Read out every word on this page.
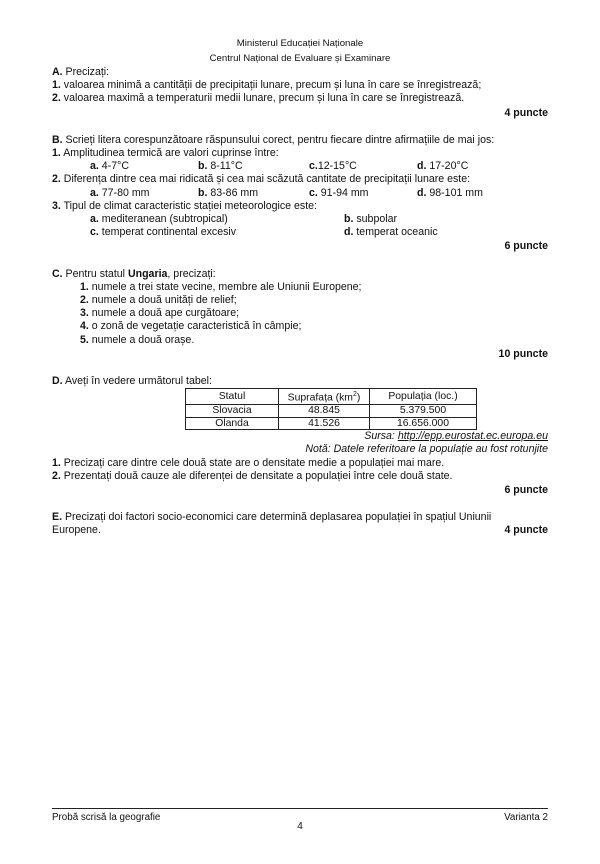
Ministerul Educației Naționale
Centrul Național de Evaluare și Examinare
A. Precizați:
1. valoarea minimă a cantității de precipitații lunare, precum și luna în care se înregistrează;
2. valoarea maximă a temperaturii medii lunare, precum și luna în care se înregistrează.
4 puncte
B. Scrieți litera corespunzătoare răspunsului corect, pentru fiecare dintre afirmațiile de mai jos:
1. Amplitudinea termică are valori cuprinse între:
a. 4-7°C	b. 8-11°C	c.12-15°C	d. 17-20°C
2. Diferența dintre cea mai ridicată și cea mai scăzută cantitate de precipitații lunare este:
a. 77-80 mm	b. 83-86 mm	c. 91-94 mm	d. 98-101 mm
3. Tipul de climat caracteristic stației meteorologice este:
a. mediteranean (subtropical)	b. subpolar
c. temperat continental excesiv	d. temperat oceanic
6 puncte
C. Pentru statul Ungaria, precizați:
1. numele a trei state vecine, membre ale Uniunii Europene;
2. numele a două unități de relief;
3. numele a două ape curgătoare;
4. o zonă de vegetație caracteristică în câmpie;
5. numele a două orașe.
10 puncte
D. Aveți în vedere următorul tabel:
Statul	Suprafața $(km^2)$	Populația (loc.)
Slovacia	48.845	5.379.500
Olanda	41.526	16.656.000
Sursa: http://epp.eurostat.ec.europa.eu
Notă: Datele referitoare la populație au fost rotunjite
1. Precizați care dintre cele două state are o densitate medie a populației mai mare.
2. Prezentați două cauze ale diferenței de densitate a populației între cele două state.
6 puncte
E. Precizați doi factori socio-economici care determină deplasarea populației în spațiul Uniunii
Europene.	4 puncte
Probă scrisă la geografie	Varianta 2
4
